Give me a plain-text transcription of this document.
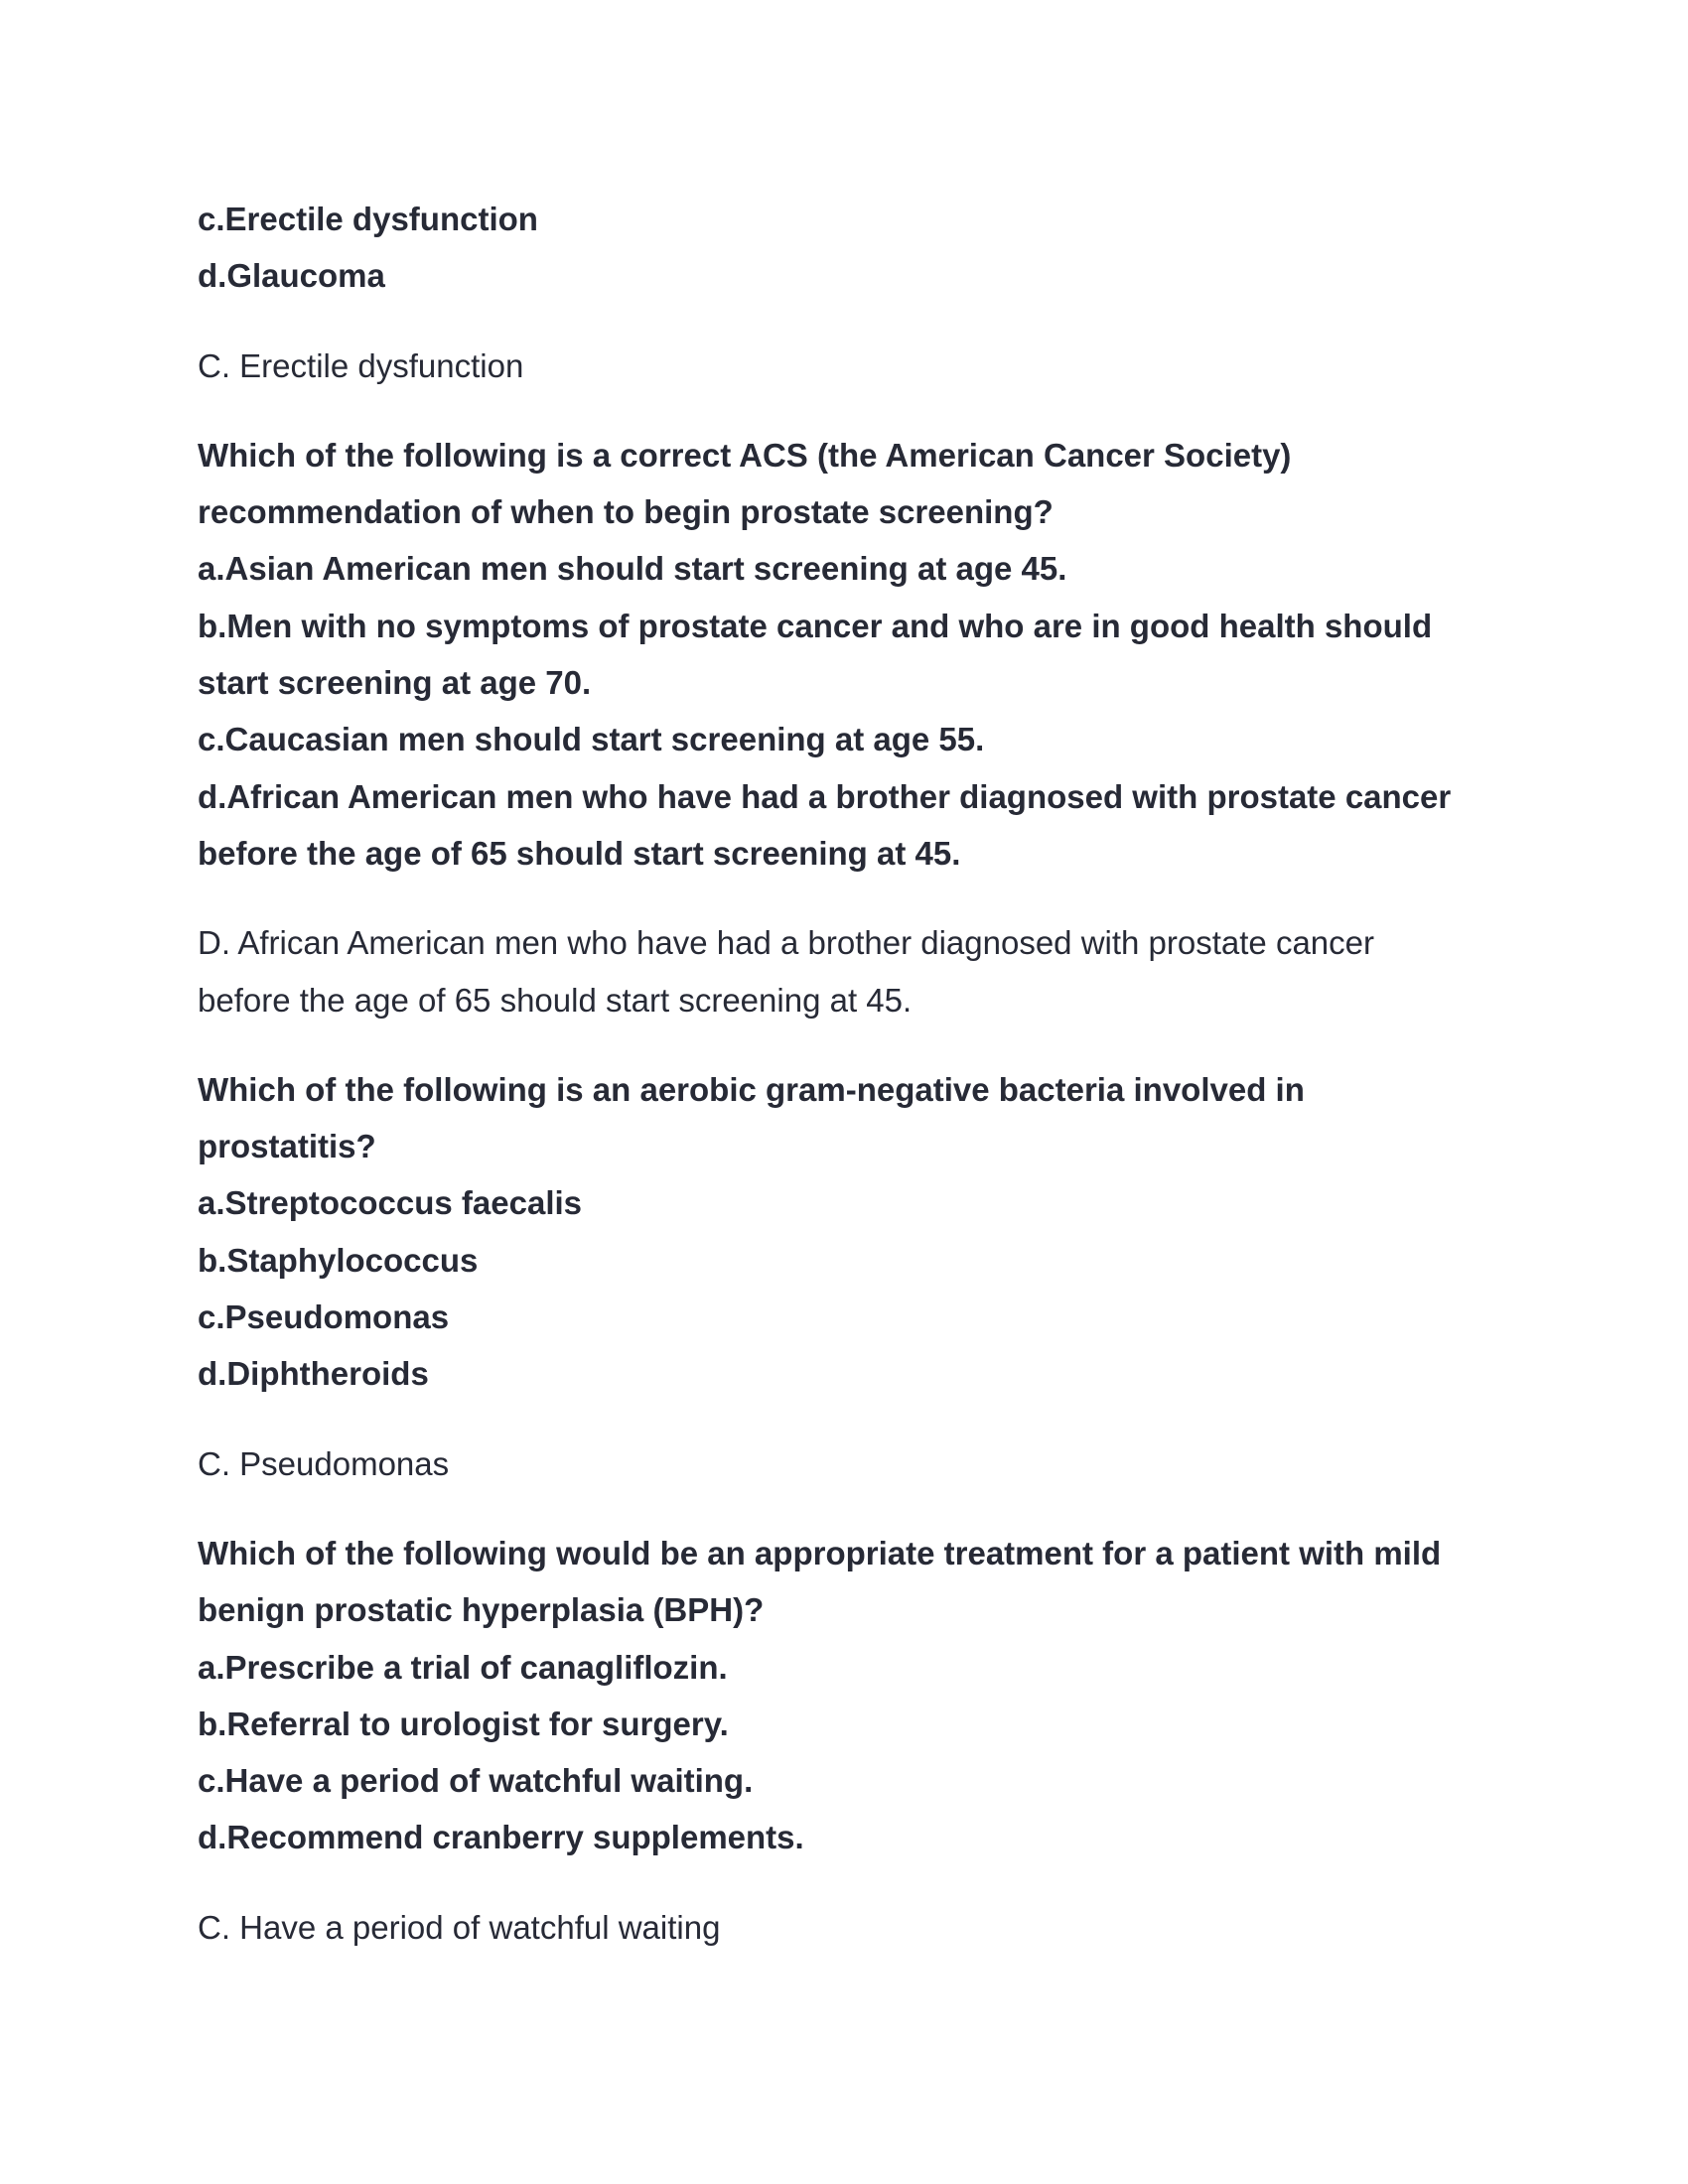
c.Erectile dysfunction

d.Glaucoma

C. Erectile dysfunction

Which of the following is a correct ACS (the American Cancer Society)

recommendation of when to begin prostate screening?

a.Asian American men should start screening at age 45.

b.Men with no symptoms of prostate cancer and who are in good health should

start screening at age 70.

c.Caucasian men should start screening at age 55.

d.African American men who have had a brother diagnosed with prostate cancer

before the age of 65 should start screening at 45.

D. African American men who have had a brother diagnosed with prostate cancer

before the age of 65 should start screening at 45.

Which of the following is an aerobic gram-negative bacteria involved in

prostatitis?

a.Streptococcus faecalis

b.Staphylococcus

c.Pseudomonas

d.Diphtheroids

C. Pseudomonas

Which of the following would be an appropriate treatment for a patient with mild

benign prostatic hyperplasia (BPH)?

a.Prescribe a trial of canagliflozin.

b.Referral to urologist for surgery.

c.Have a period of watchful waiting.

d.Recommend cranberry supplements.

C. Have a period of watchful waiting
